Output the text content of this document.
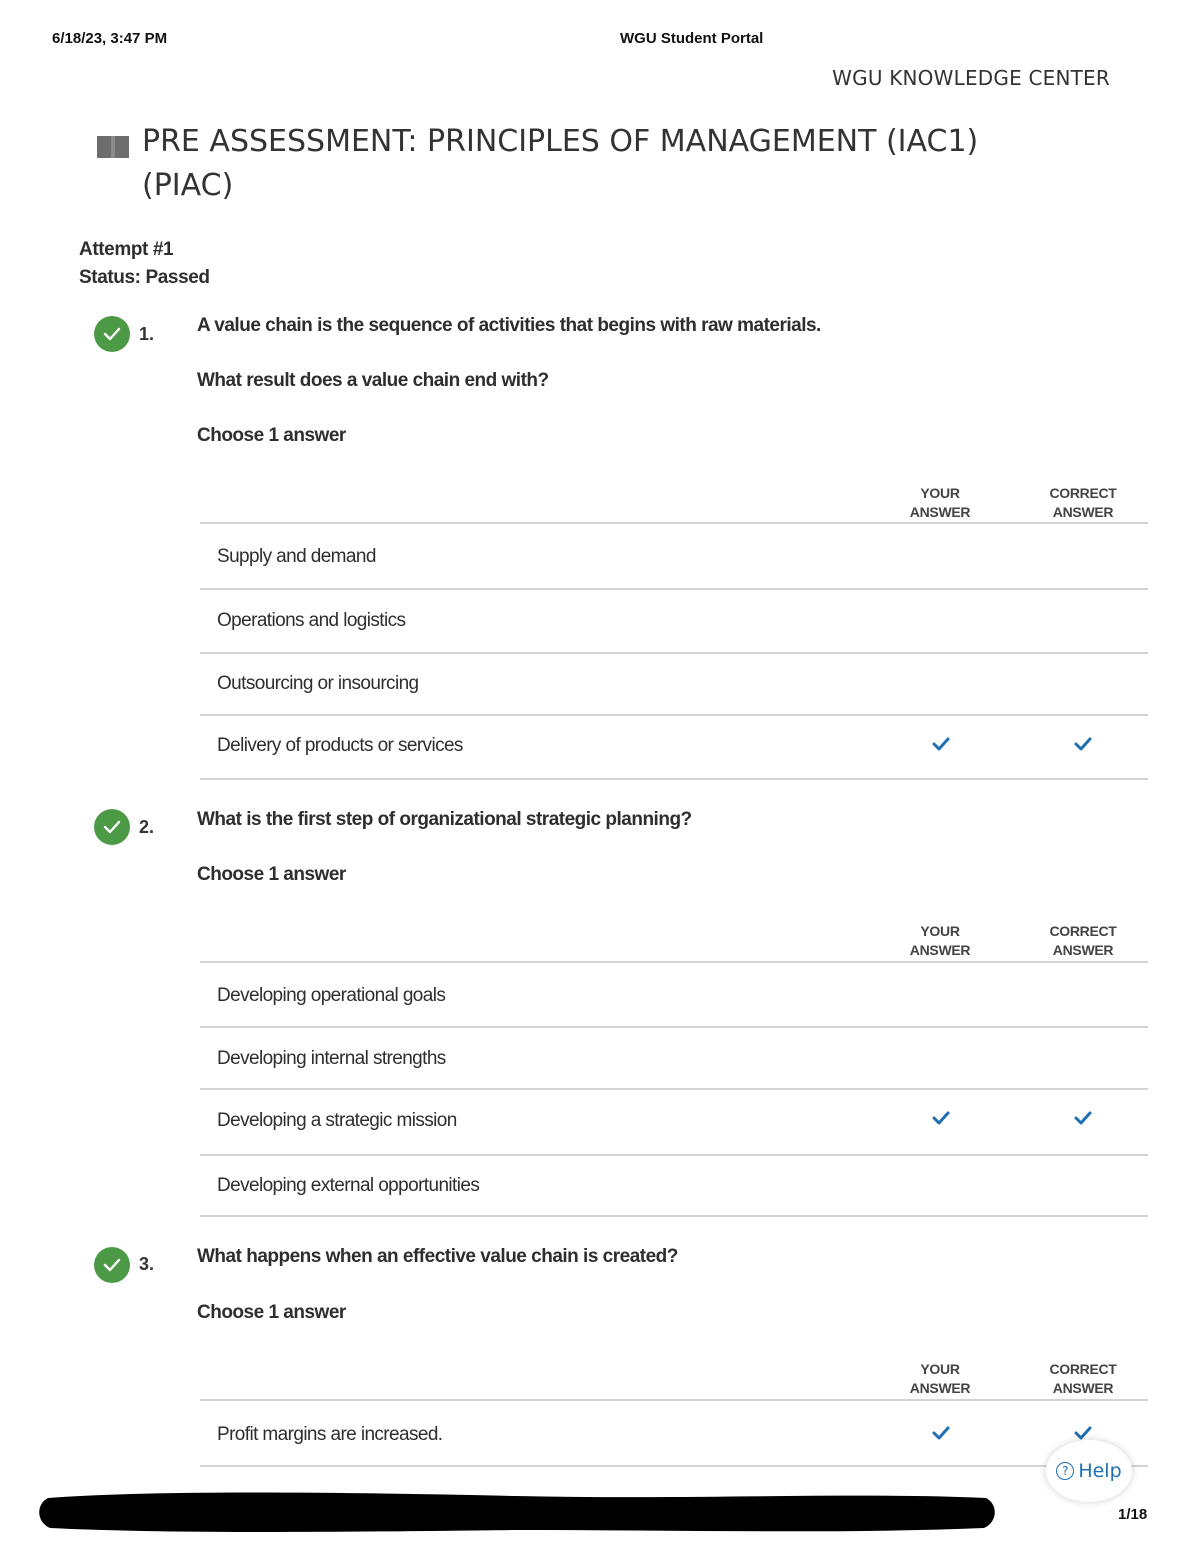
6/18/23, 3:47 PM	WGU Student Portal
WGU KNOWLEDGE CENTER
PRE ASSESSMENT: PRINCIPLES OF MANAGEMENT (IAC1) (PIAC)
Attempt #1
Status: Passed
1. A value chain is the sequence of activities that begins with raw materials.
What result does a value chain end with?
Choose 1 answer
YOUR
ANSWER
CORRECT
ANSWER
Supply and demand
Operations and logistics
Outsourcing or insourcing
Delivery of products or services
2. What is the first step of organizational strategic planning?
Choose 1 answer
YOUR
ANSWER
CORRECT
ANSWER
Developing operational goals
Developing internal strengths
Developing a strategic mission
Developing external opportunities
3. What happens when an effective value chain is created?
Choose 1 answer
YOUR
ANSWER
CORRECT
ANSWER
Profit margins are increased.
? Help
1/18
